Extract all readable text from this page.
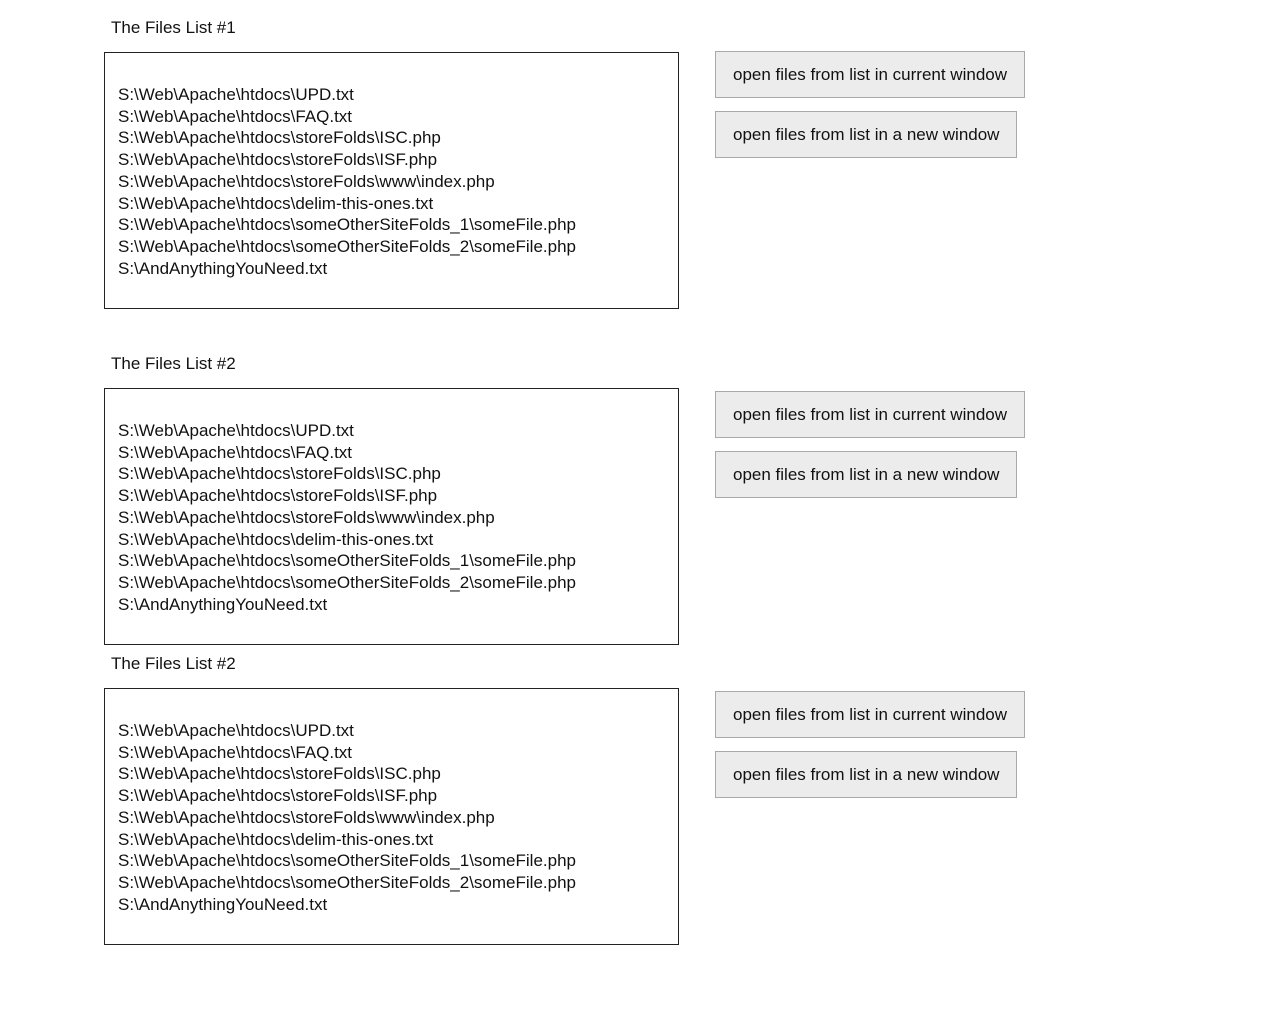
The Files List #1
S:\Web\Apache\htdocs\UPD.txt
S:\Web\Apache\htdocs\FAQ.txt
S:\Web\Apache\htdocs\storeFolds\ISC.php
S:\Web\Apache\htdocs\storeFolds\ISF.php
S:\Web\Apache\htdocs\storeFolds\www\index.php
S:\Web\Apache\htdocs\delim-this-ones.txt
S:\Web\Apache\htdocs\someOtherSiteFolds_1\someFile.php
S:\Web\Apache\htdocs\someOtherSiteFolds_2\someFile.php
S:\AndAnythingYouNeed.txt
open files from list in current window
open files from list in a new window
The Files List #2
S:\Web\Apache\htdocs\UPD.txt
S:\Web\Apache\htdocs\FAQ.txt
S:\Web\Apache\htdocs\storeFolds\ISC.php
S:\Web\Apache\htdocs\storeFolds\ISF.php
S:\Web\Apache\htdocs\storeFolds\www\index.php
S:\Web\Apache\htdocs\delim-this-ones.txt
S:\Web\Apache\htdocs\someOtherSiteFolds_1\someFile.php
S:\Web\Apache\htdocs\someOtherSiteFolds_2\someFile.php
S:\AndAnythingYouNeed.txt
open files from list in current window
open files from list in a new window
The Files List #2
S:\Web\Apache\htdocs\UPD.txt
S:\Web\Apache\htdocs\FAQ.txt
S:\Web\Apache\htdocs\storeFolds\ISC.php
S:\Web\Apache\htdocs\storeFolds\ISF.php
S:\Web\Apache\htdocs\storeFolds\www\index.php
S:\Web\Apache\htdocs\delim-this-ones.txt
S:\Web\Apache\htdocs\someOtherSiteFolds_1\someFile.php
S:\Web\Apache\htdocs\someOtherSiteFolds_2\someFile.php
S:\AndAnythingYouNeed.txt
open files from list in current window
open files from list in a new window
